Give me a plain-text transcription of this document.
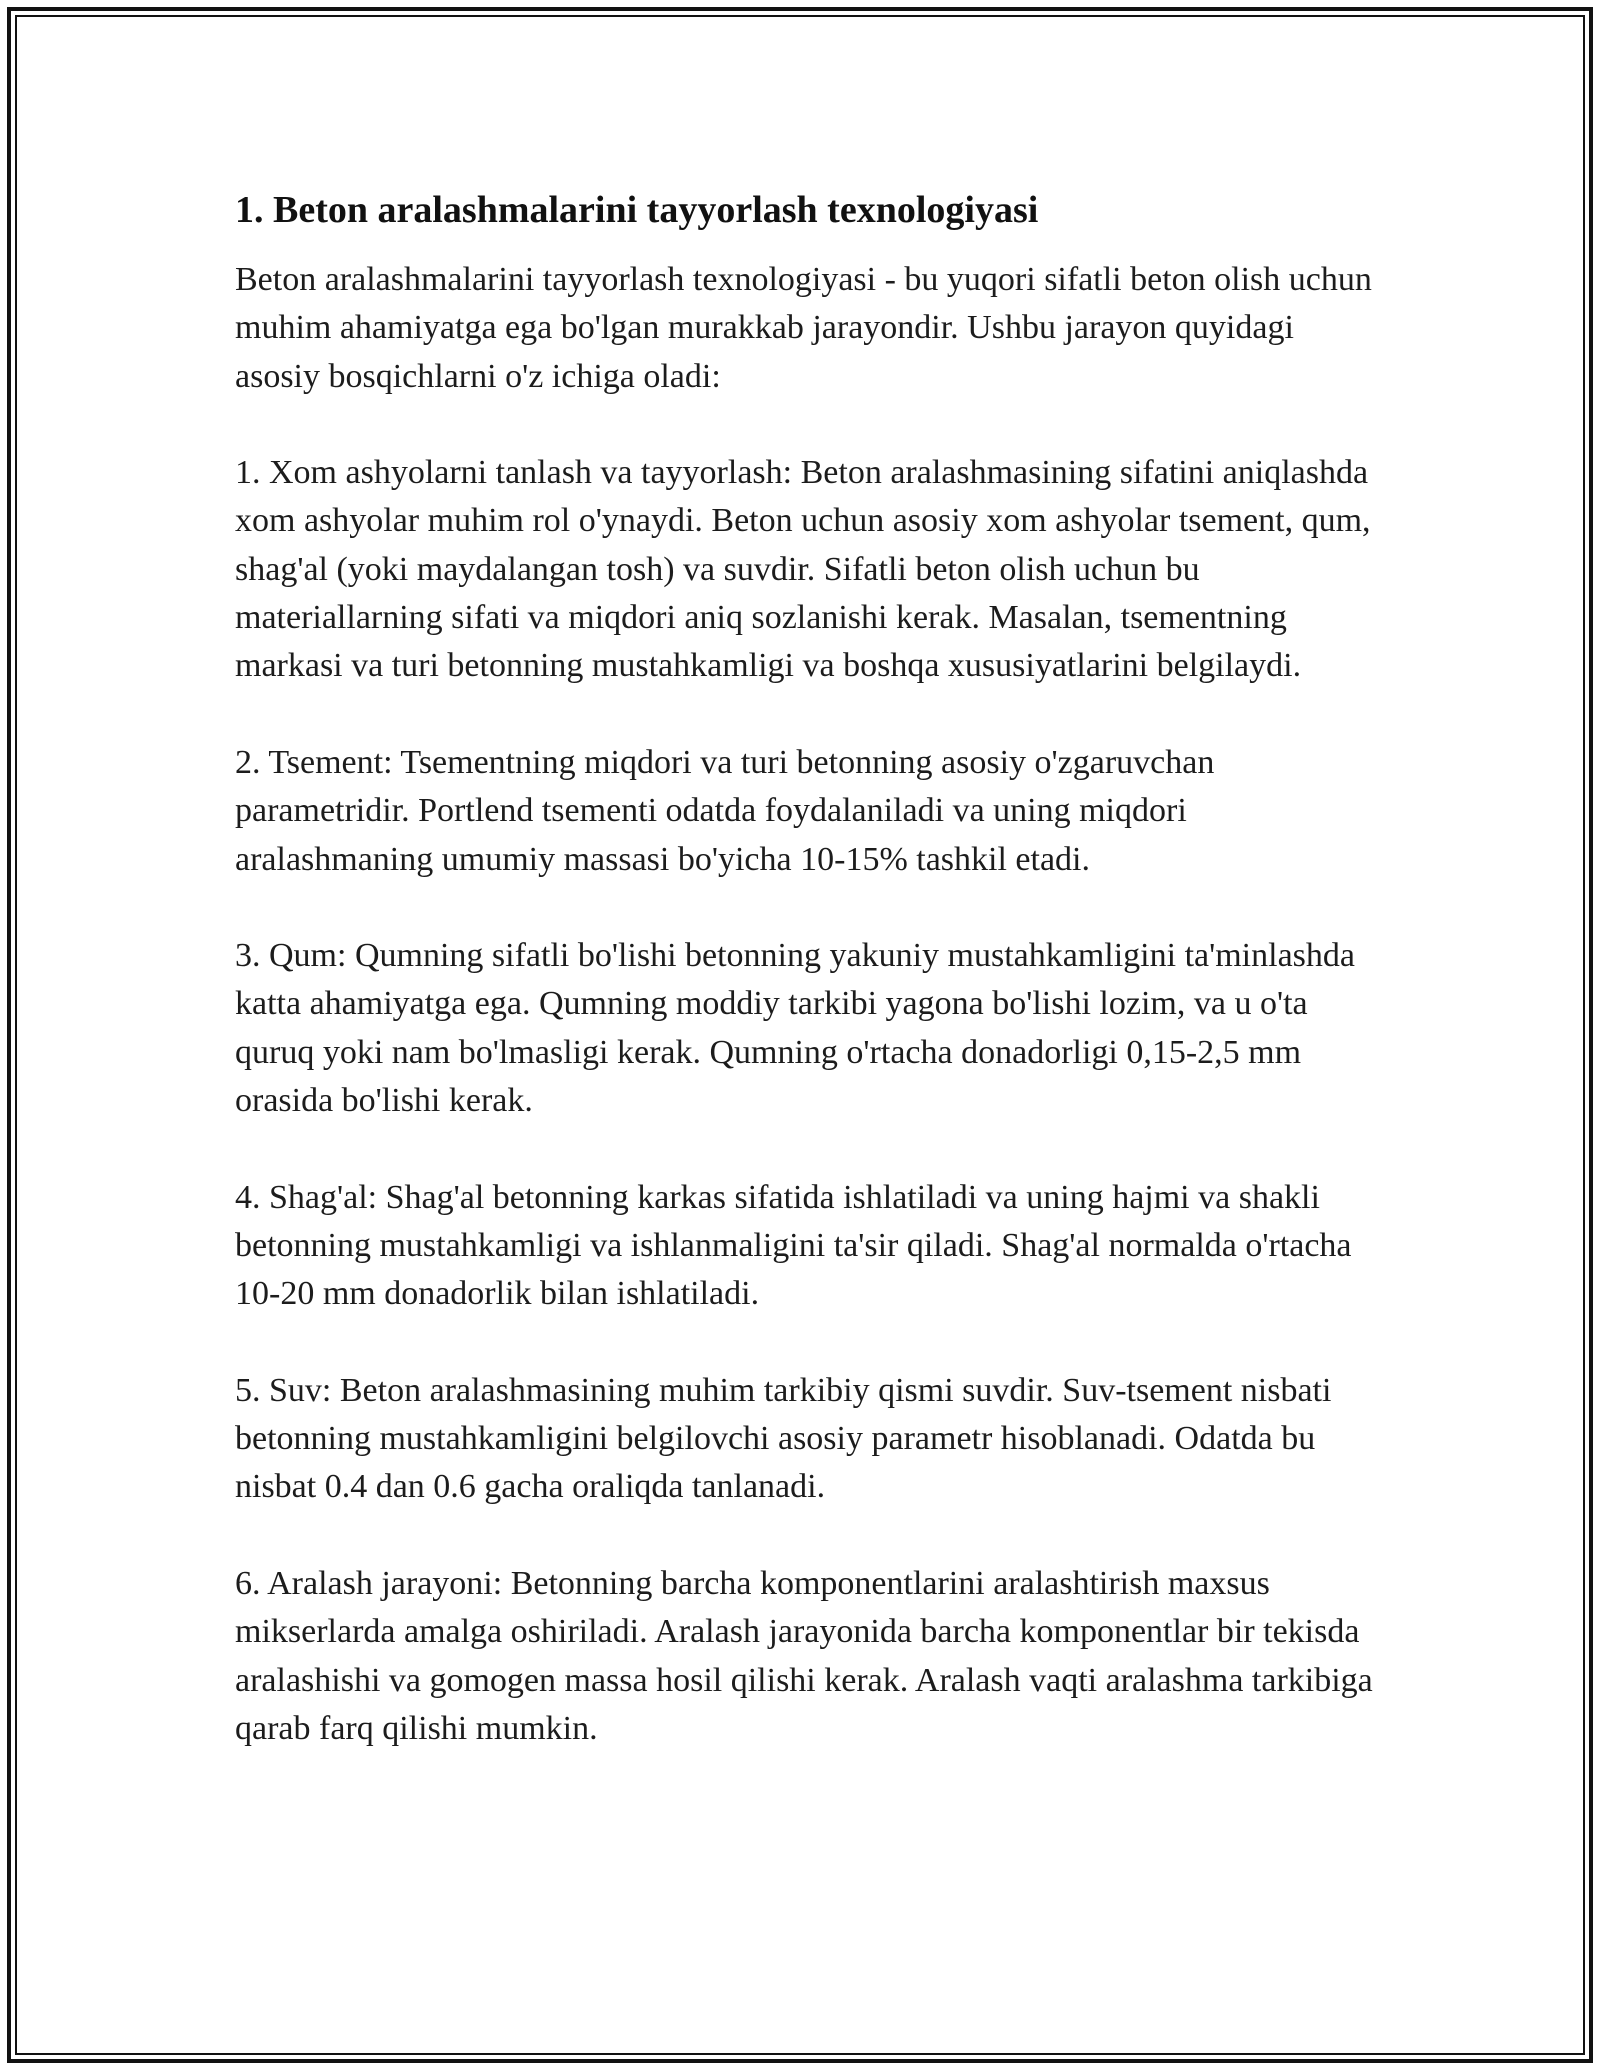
1. Beton aralashmalarini tayyorlash texnologiyasi

Beton aralashmalarini tayyorlash texnologiyasi - bu yuqori sifatli beton olish uchun muhim ahamiyatga ega bo'lgan murakkab jarayondir. Ushbu jarayon quyidagi asosiy bosqichlarni o'z ichiga oladi:

1. Xom ashyolarni tanlash va tayyorlash: Beton aralashmasining sifatini aniqlashda xom ashyolar muhim rol o'ynaydi. Beton uchun asosiy xom ashyolar tsement, qum, shag'al (yoki maydalangan tosh) va suvdir. Sifatli beton olish uchun bu materiallarning sifati va miqdori aniq sozlanishi kerak. Masalan, tsementning markasi va turi betonning mustahkamligi va boshqa xususiyatlarini belgilaydi.

2. Tsement: Tsementning miqdori va turi betonning asosiy o'zgaruvchan parametridir. Portlend tsementi odatda foydalaniladi va uning miqdori aralashmaning umumiy massasi bo'yicha 10-15% tashkil etadi.

3. Qum: Qumning sifatli bo'lishi betonning yakuniy mustahkamligini ta'minlashda katta ahamiyatga ega. Qumning moddiy tarkibi yagona bo'lishi lozim, va u o'ta quruq yoki nam bo'lmasligi kerak. Qumning o'rtacha donadorligi 0,15-2,5 mm orasida bo'lishi kerak.

4. Shag'al: Shag'al betonning karkas sifatida ishlatiladi va uning hajmi va shakli betonning mustahkamligi va ishlanmaligini ta'sir qiladi. Shag'al normalda o'rtacha 10-20 mm donadorlik bilan ishlatiladi.

5. Suv: Beton aralashmasining muhim tarkibiy qismi suvdir. Suv-tsement nisbati betonning mustahkamligini belgilovchi asosiy parametr hisoblanadi. Odatda bu nisbat 0.4 dan 0.6 gacha oraliqda tanlanadi.

6. Aralash jarayoni: Betonning barcha komponentlarini aralashtirish maxsus mikserlarda amalga oshiriladi. Aralash jarayonida barcha komponentlar bir tekisda aralashishi va gomogen massa hosil qilishi kerak. Aralash vaqti aralashma tarkibiga qarab farq qilishi mumkin.
